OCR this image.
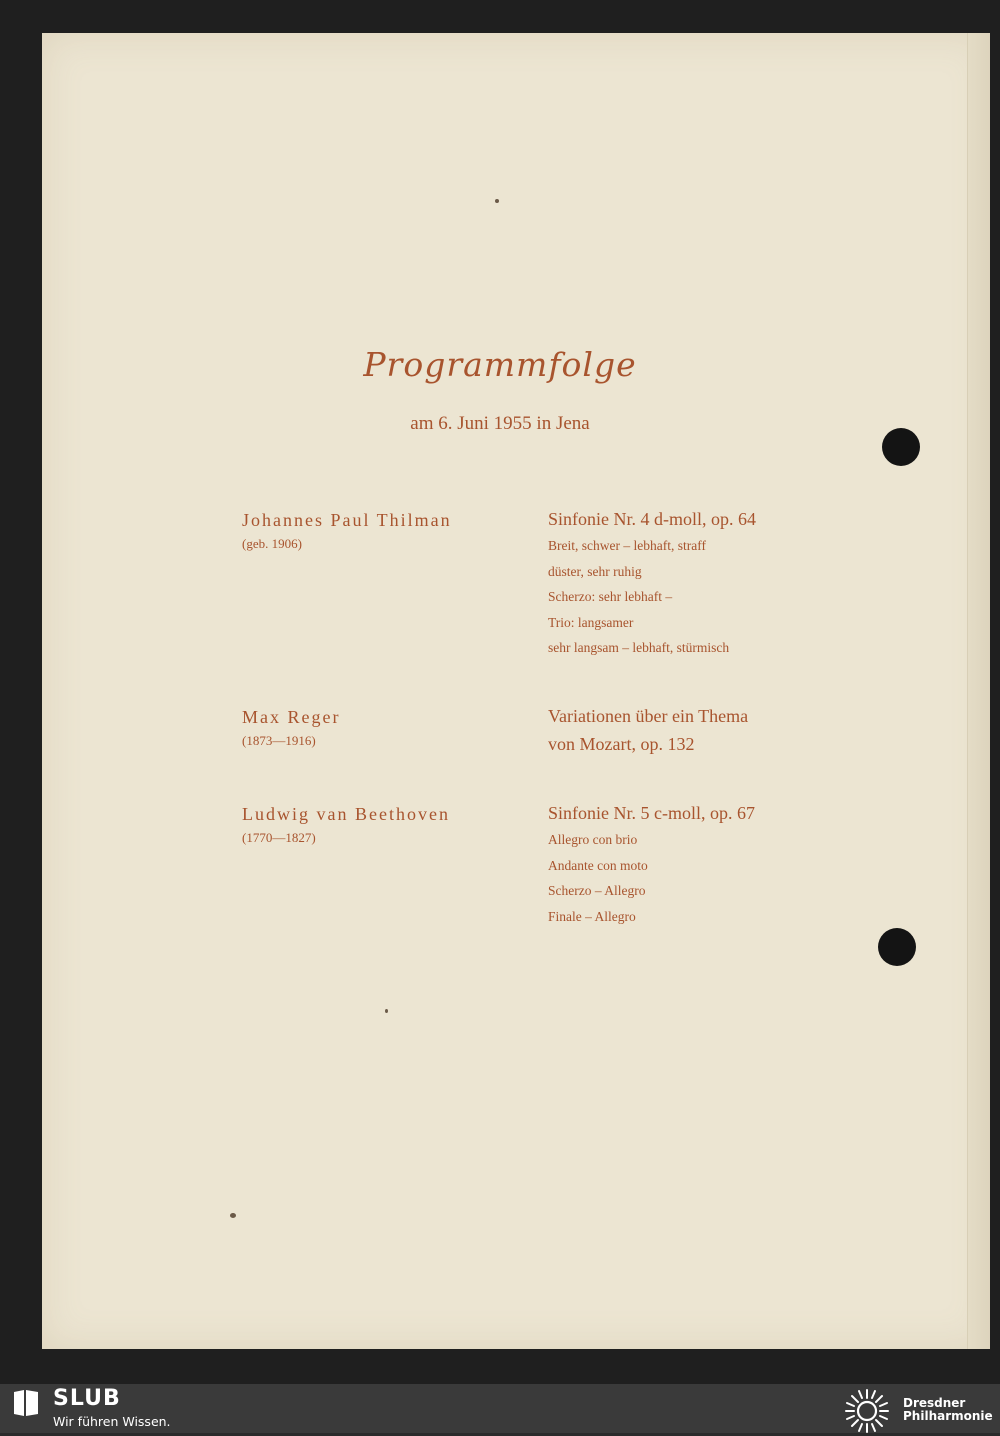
Programmfolge
am 6. Juni 1955 in Jena
Johannes Paul Thilman
(geb. 1906)
Sinfonie Nr. 4 d-moll, op. 64
Breit, schwer – lebhaft, straff
düster, sehr ruhig
Scherzo: sehr lebhaft –
Trio: langsamer
sehr langsam – lebhaft, stürmisch
Max Reger
(1873—1916)
Variationen über ein Thema
von Mozart, op. 132
Ludwig van Beethoven
(1770—1827)
Sinfonie Nr. 5 c-moll, op. 67
Allegro con brio
Andante con moto
Scherzo – Allegro
Finale – Allegro
SLUB
Wir führen Wissen.
Dresdner
Philharmonie
